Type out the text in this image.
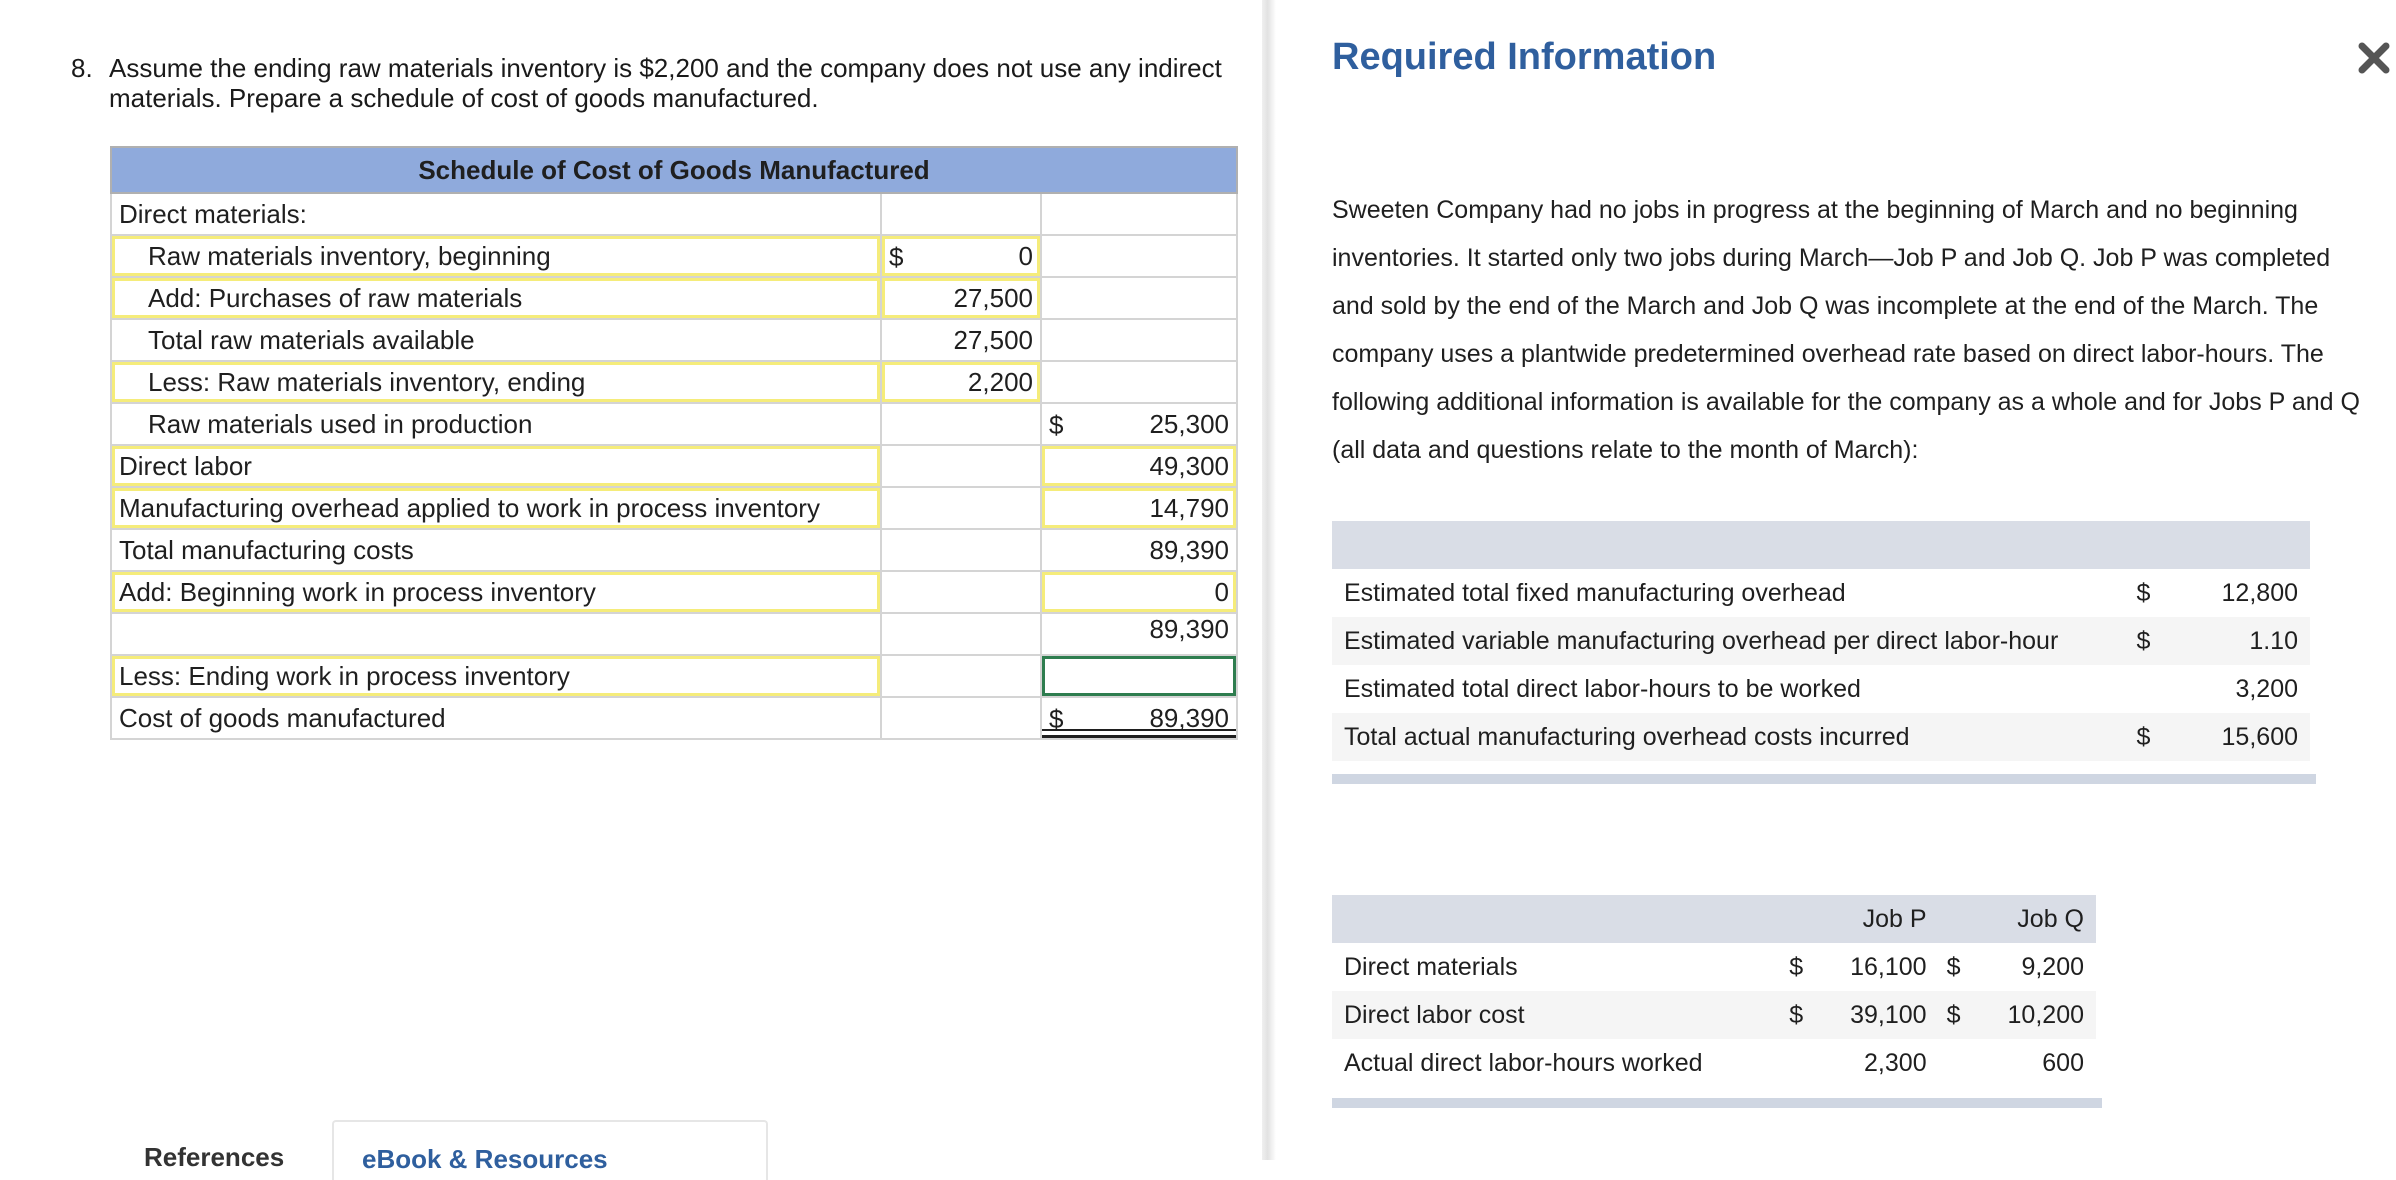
8. Assume the ending raw materials inventory is $2,200 and the company does not use any indirect materials. Prepare a schedule of cost of goods manufactured.
Schedule of Cost of Goods Manufactured		
Direct materials:		
Raw materials inventory, beginning	$ 0	
Add: Purchases of raw materials	27,500	
Total raw materials available	27,500	
Less: Raw materials inventory, ending	2,200	
Raw materials used in production		$ 25,300
Direct labor		49,300
Manufacturing overhead applied to work in process inventory		14,790
Total manufacturing costs		89,390
Add: Beginning work in process inventory		0
		89,390
Less: Ending work in process inventory		
Cost of goods manufactured		$ 89,390
References	eBook & Resources
Required Information
Sweeten Company had no jobs in progress at the beginning of March and no beginning inventories. It started only two jobs during March—Job P and Job Q. Job P was completed and sold by the end of the March and Job Q was incomplete at the end of the March. The company uses a plantwide predetermined overhead rate based on direct labor-hours. The following additional information is available for the company as a whole and for Jobs P and Q (all data and questions relate to the month of March):

Estimated total fixed manufacturing overhead	$	12,800
Estimated variable manufacturing overhead per direct labor-hour	$	1.10
Estimated total direct labor-hours to be worked		3,200
Total actual manufacturing overhead costs incurred	$	15,600
		Job P		Job Q
Direct materials	$	16,100	$	9,200
Direct labor cost	$	39,100	$	10,200
Actual direct labor-hours worked		2,300		600
